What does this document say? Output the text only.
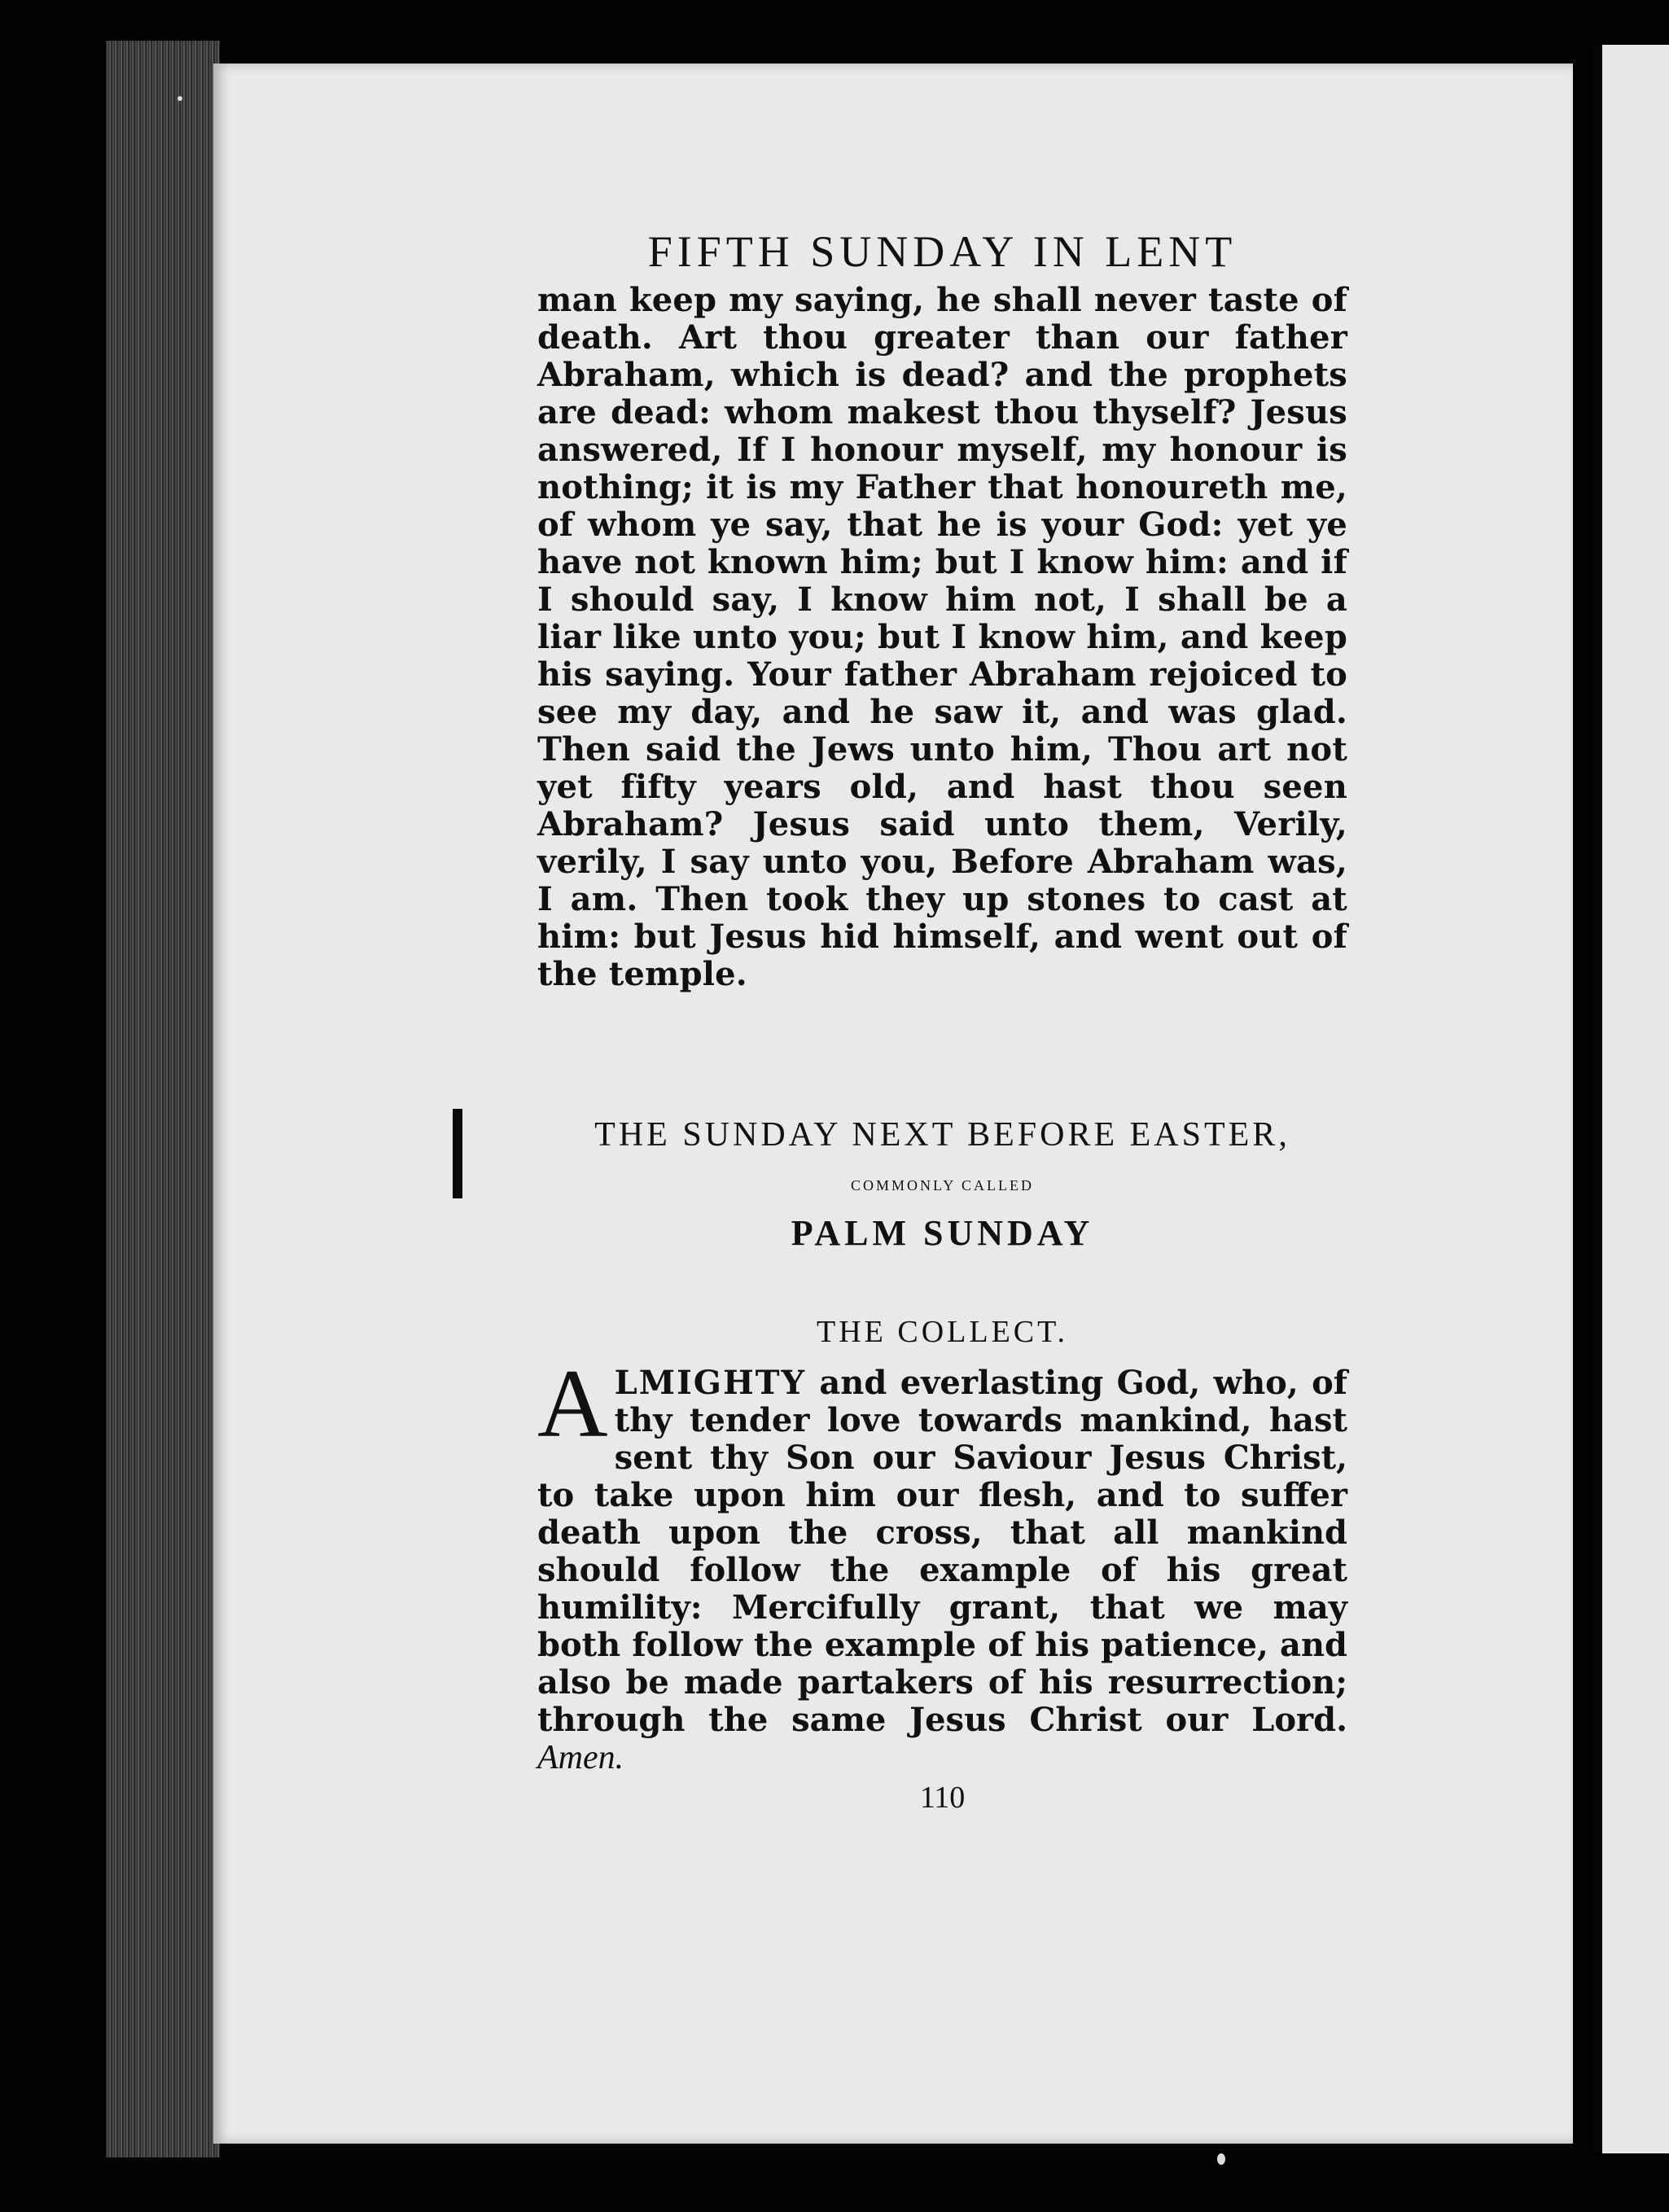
FIFTH SUNDAY IN LENT

man keep my saying, he shall never taste of death. Art thou greater than our father Abraham, which is dead? and the prophets are dead: whom makest thou thyself? Jesus answered, If I honour myself, my honour is nothing; it is my Father that honoureth me, of whom ye say, that he is your God: yet ye have not known him; but I know him: and if I should say, I know him not, I shall be a liar like unto you; but I know him, and keep his saying. Your father Abraham rejoiced to see my day, and he saw it, and was glad. Then said the Jews unto him, Thou art not yet fifty years old, and hast thou seen Abraham? Jesus said unto them, Verily, verily, I say unto you, Before Abraham was, I am. Then took they up stones to cast at him: but Jesus hid himself, and went out of the temple.

THE SUNDAY NEXT BEFORE EASTER,
COMMONLY CALLED
PALM SUNDAY
THE COLLECT.

ALMIGHTY and everlasting God, who, of thy tender love towards mankind, hast sent thy Son our Saviour Jesus Christ, to take upon him our flesh, and to suffer death upon the cross, that all mankind should follow the example of his great humility: Mercifully grant, that we may both follow the example of his patience, and also be made partakers of his resurrection; through the same Jesus Christ our Lord. Amen.

110
